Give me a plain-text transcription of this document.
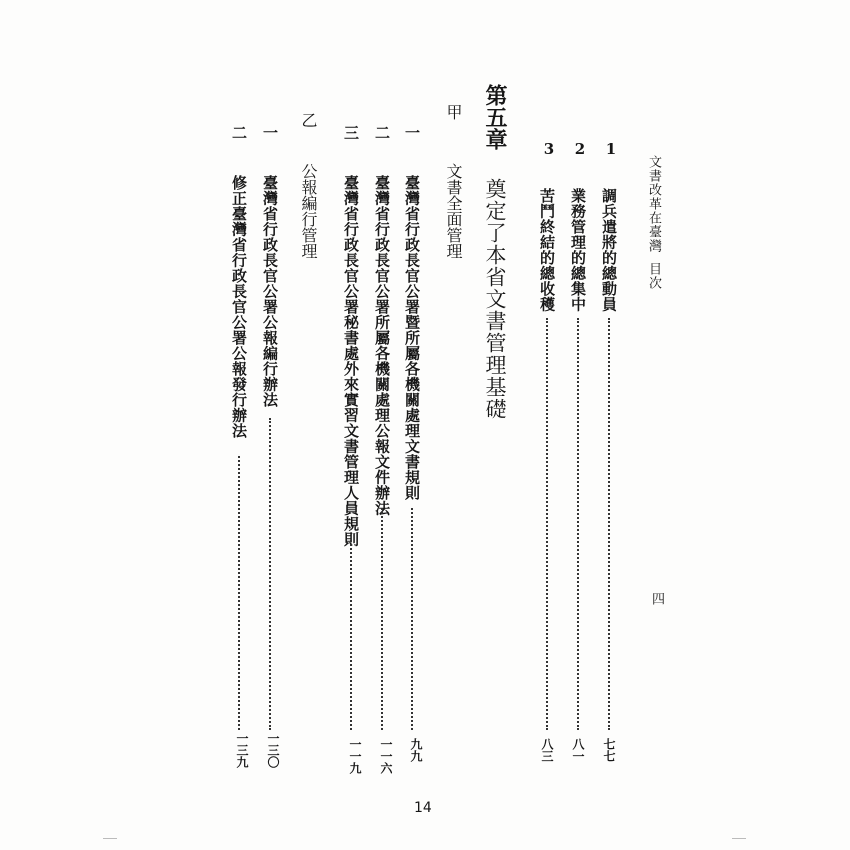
文書改革在臺灣
目次
四
1
調兵遣將的總動員
七七
2
業務管理的總集中
八一
3
苦鬥終結的總收穫
八三
第五章
奠定了本省文書管理基礎
甲
文書全面管理
一
臺灣省行政長官公署暨所屬各機關處理文書規則
九九
二
臺灣省行政長官公署所屬各機關處理公報文件辦法
一一六
三
臺灣省行政長官公署秘書處外來實習文書管理人員規則
一一九
乙
公報編行管理
一
臺灣省行政長官公署公報編行辦法
一三〇
二
修正臺灣省行政長官公署公報發行辦法
一三九
14
